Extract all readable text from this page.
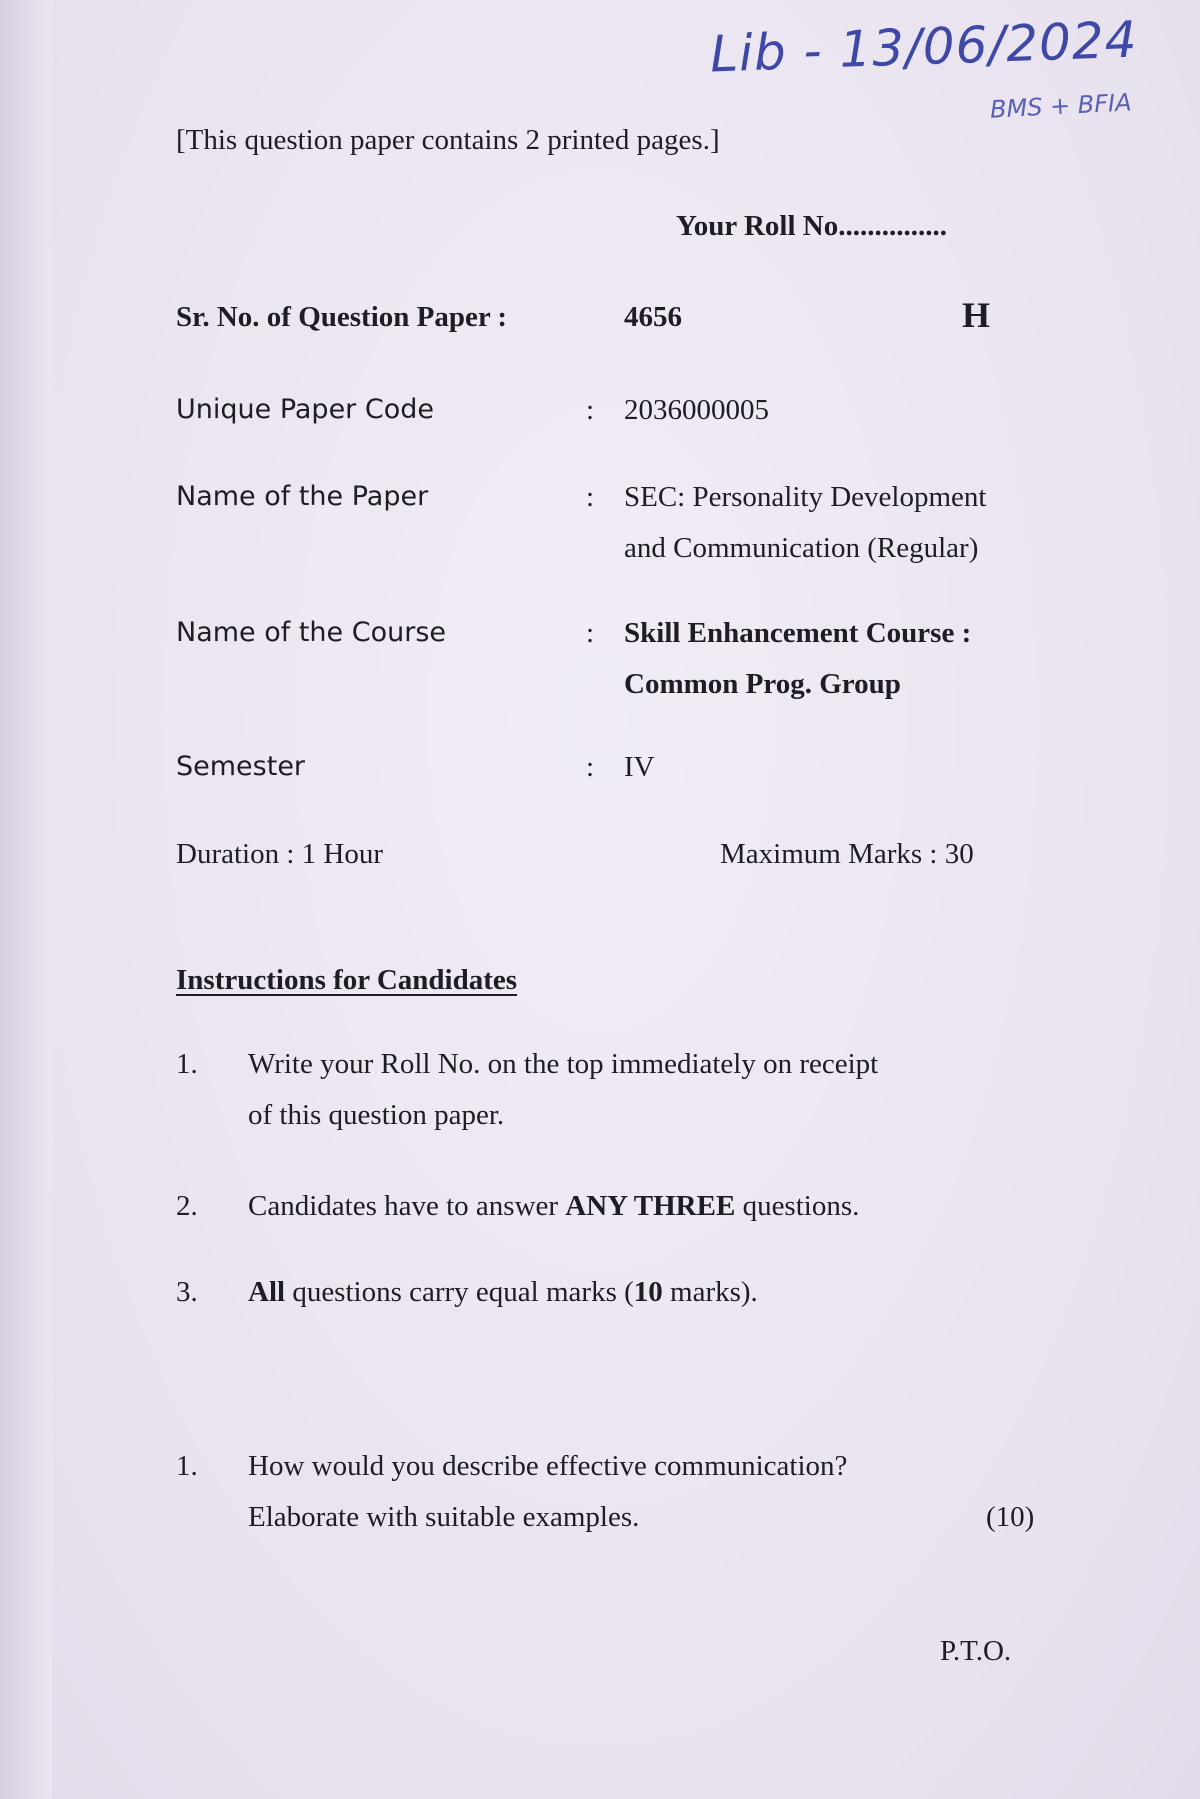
Lib - 13/06/2024
BMS + BFIA
[This question paper contains 2 printed pages.]
Your Roll No...............
Sr. No. of Question Paper :	4656	H
Unique Paper Code	: 2036000005
Name of the Paper	: SEC: Personality Development
and Communication (Regular)
Name of the Course	: Skill Enhancement Course :
Common Prog. Group
Semester	: IV
Duration : 1 Hour	Maximum Marks : 30
Instructions for Candidates
1. Write your Roll No. on the top immediately on receipt
of this question paper.
2. Candidates have to answer ANY THREE questions.
3. All questions carry equal marks (10 marks).
1. How would you describe effective communication?
Elaborate with suitable examples.	(10)
P.T.O.
